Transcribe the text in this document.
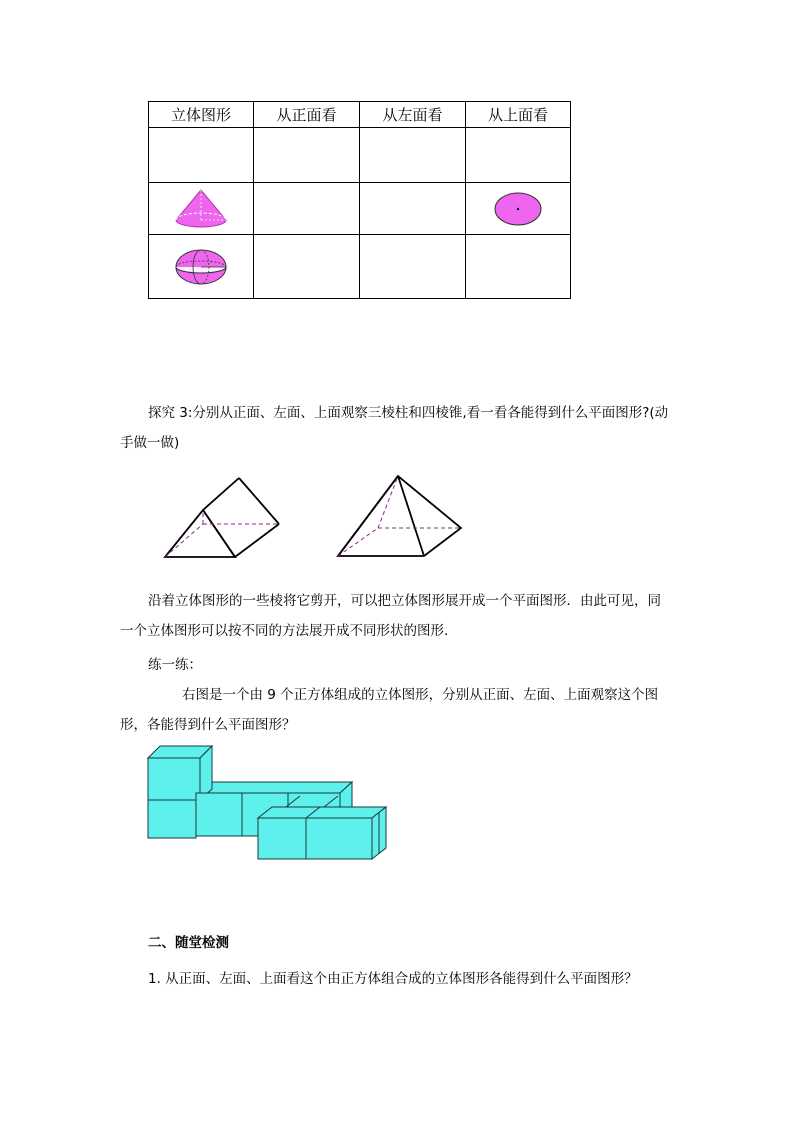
立体图形	从正面看	从左面看	从上面看

探究 3:分别从正面、左面、上面观察三棱柱和四棱锥,看一看各能得到什么平面图形?(动
手做一做)
沿着立体图形的一些棱将它剪开，可以把立体图形展开成一个平面图形．由此可见，同
一个立体图形可以按不同的方法展开成不同形状的图形．
练一练：
右图是一个由 9 个正方体组成的立体图形，分别从正面、左面、上面观察这个图
形，各能得到什么平面图形？
二、随堂检测
1. 从正面、左面、上面看这个由正方体组合成的立体图形各能得到什么平面图形？
